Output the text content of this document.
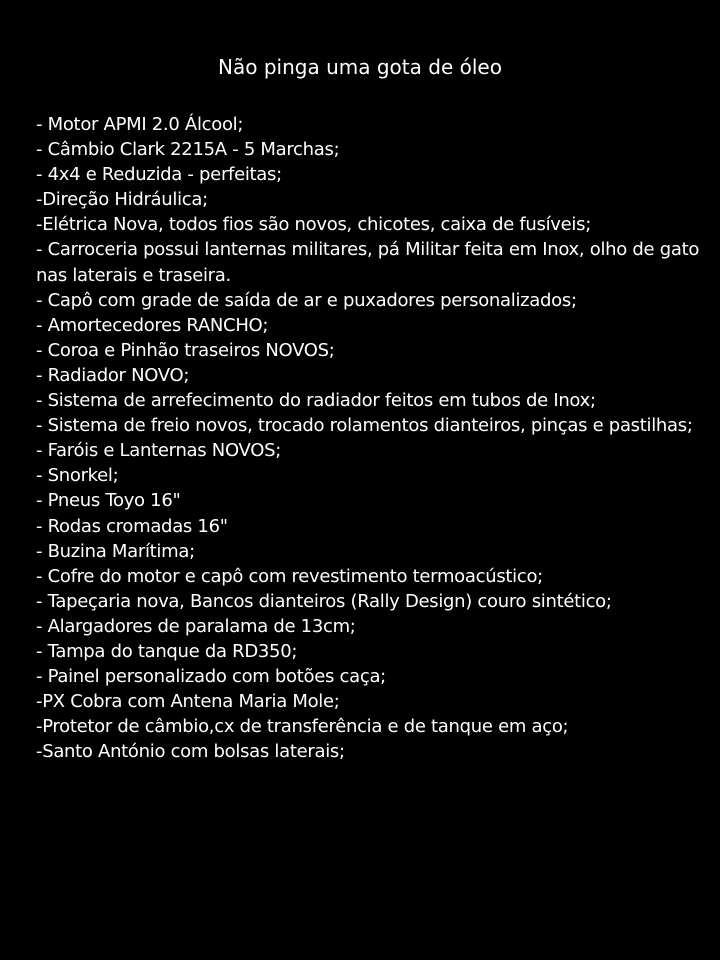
Não pinga uma gota de óleo
- Motor APMI 2.0 Álcool;
- Câmbio Clark 2215A - 5 Marchas;
- 4x4 e Reduzida - perfeitas;
-Direção Hidráulica;
-Elétrica Nova, todos fios são novos, chicotes, caixa de fusíveis;
- Carroceria possui lanternas militares, pá Militar feita em Inox, olho de gato nas laterais e traseira.
- Capô com grade de saída de ar e puxadores personalizados;
- Amortecedores RANCHO;
- Coroa e Pinhão traseiros NOVOS;
- Radiador NOVO;
- Sistema de arrefecimento do radiador feitos em tubos de Inox;
- Sistema de freio novos, trocado rolamentos dianteiros, pinças e pastilhas;
- Faróis e Lanternas NOVOS;
- Snorkel;
- Pneus Toyo 16"
- Rodas cromadas 16"
- Buzina Marítima;
- Cofre do motor e capô com revestimento termoacústico;
- Tapeçaria nova, Bancos dianteiros (Rally Design) couro sintético;
- Alargadores de paralama de 13cm;
- Tampa do tanque da RD350;
- Painel personalizado com botões caça;
-PX Cobra com Antena Maria Mole;
-Protetor de câmbio,cx de transferência e de tanque em aço;
-Santo António com bolsas laterais;
